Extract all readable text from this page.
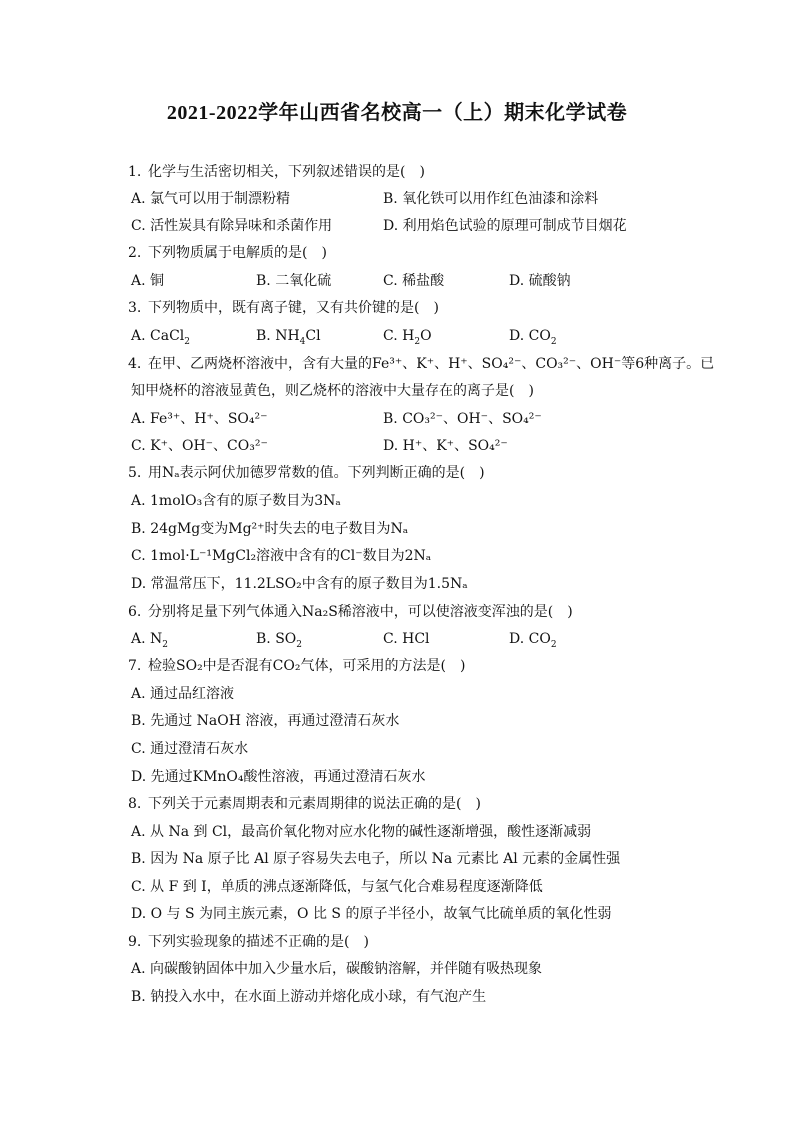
2021-2022学年山西省名校高一（上）期末化学试卷
1. 化学与生活密切相关，下列叙述错误的是(　)
A. 氯气可以用于制漂粉精	B. 氧化铁可以用作红色油漆和涂料
C. 活性炭具有除异味和杀菌作用	D. 利用焰色试验的原理可制成节目烟花
2. 下列物质属于电解质的是(　)
A. 铜	B. 二氧化硫	C. 稀盐酸	D. 硫酸钠
3. 下列物质中，既有离子键，又有共价键的是(　)
A. CaCl$_2$	B. $NH_4Cl$	C. $H_2O$	D. $CO_2$
4. 在甲、乙两烧杯溶液中，含有大量的Fe³⁺、K⁺、H⁺、SO₄²⁻、CO₃²⁻、OH⁻等6种离子。已
知甲烧杯的溶液显黄色，则乙烧杯的溶液中大量存在的离子是(　)
A. Fe³⁺、H⁺、SO₄²⁻	B. CO₃²⁻、OH⁻、SO₄²⁻
C. K⁺、OH⁻、CO₃²⁻	D. H⁺、K⁺、SO₄²⁻
5. 用Nₐ表示阿伏加德罗常数的值。下列判断正确的是(　)
A. 1molO₃含有的原子数目为3Nₐ
B. 24gMg变为Mg²⁺时失去的电子数目为Nₐ
C. 1mol·L⁻¹MgCl₂溶液中含有的Cl⁻数目为2Nₐ
D. 常温常压下，11.2LSO₂中含有的原子数目为1.5Nₐ
6. 分别将足量下列气体通入Na₂S稀溶液中，可以使溶液变浑浊的是(　)
A. $N_2$	B. $SO_2$	C. HCl	D. $CO_2$
7. 检验SO₂中是否混有CO₂气体，可采用的方法是(　)
A. 通过品红溶液
B. 先通过 NaOH 溶液，再通过澄清石灰水
C. 通过澄清石灰水
D. 先通过KMnO₄酸性溶液，再通过澄清石灰水
8. 下列关于元素周期表和元素周期律的说法正确的是(　)
A. 从 Na 到 Cl，最高价氧化物对应水化物的碱性逐渐增强，酸性逐渐减弱
B. 因为 Na 原子比 Al 原子容易失去电子，所以 Na 元素比 Al 元素的金属性强
C. 从 F 到 I，单质的沸点逐渐降低，与氢气化合难易程度逐渐降低
D. O 与 S 为同主族元素，O 比 S 的原子半径小，故氧气比硫单质的氧化性弱
9. 下列实验现象的描述不正确的是(　)
A. 向碳酸钠固体中加入少量水后，碳酸钠溶解，并伴随有吸热现象
B. 钠投入水中，在水面上游动并熔化成小球，有气泡产生
